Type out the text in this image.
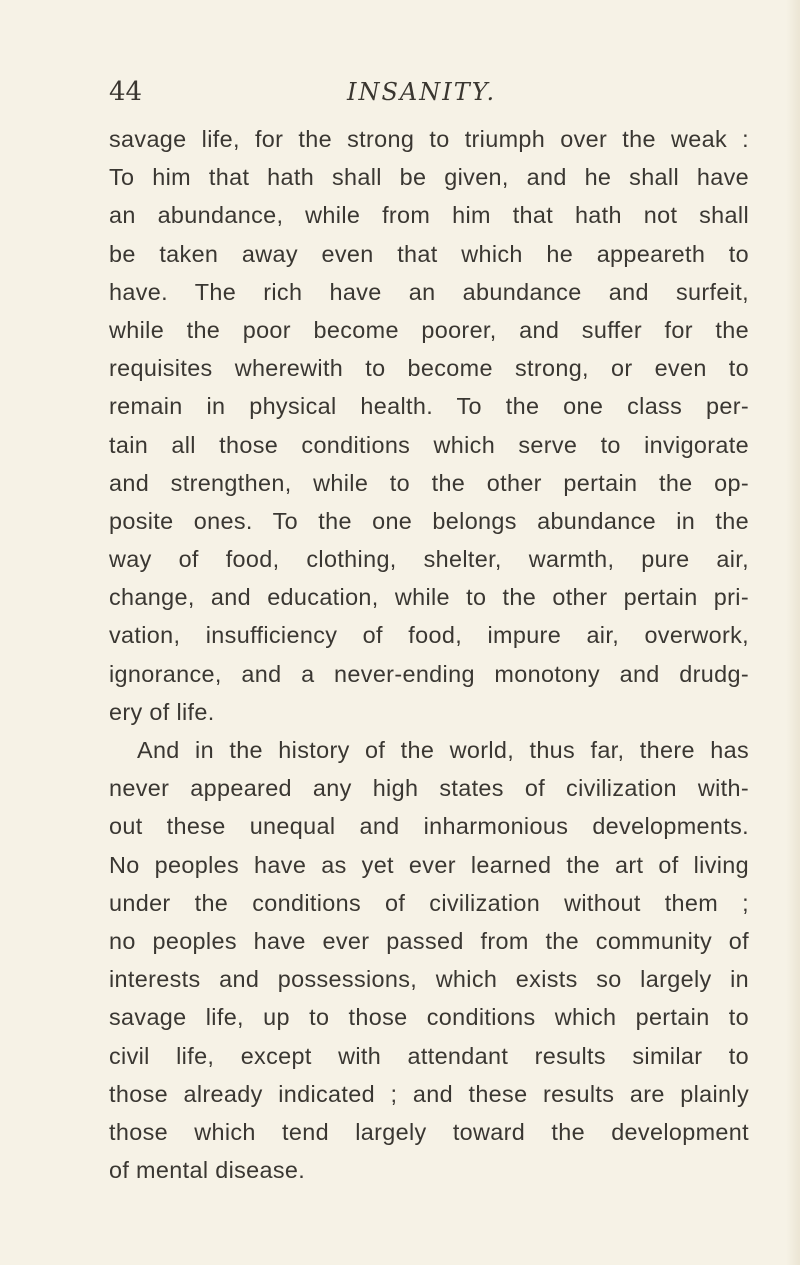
44	INSANITY.
savage life, for the strong to triumph over the weak :
To him that hath shall be given, and he shall have
an abundance, while from him that hath not shall
be taken away even that which he appeareth to
have. The rich have an abundance and surfeit,
while the poor become poorer, and suffer for the
requisites wherewith to become strong, or even to
remain in physical health. To the one class per-
tain all those conditions which serve to invigorate
and strengthen, while to the other pertain the op-
posite ones. To the one belongs abundance in the
way of food, clothing, shelter, warmth, pure air,
change, and education, while to the other pertain pri-
vation, insufficiency of food, impure air, overwork,
ignorance, and a never-ending monotony and drudg-
ery of life.
And in the history of the world, thus far, there has
never appeared any high states of civilization with-
out these unequal and inharmonious developments.
No peoples have as yet ever learned the art of living
under the conditions of civilization without them ;
no peoples have ever passed from the community of
interests and possessions, which exists so largely in
savage life, up to those conditions which pertain to
civil life, except with attendant results similar to
those already indicated ; and these results are plainly
those which tend largely toward the development
of mental disease.
